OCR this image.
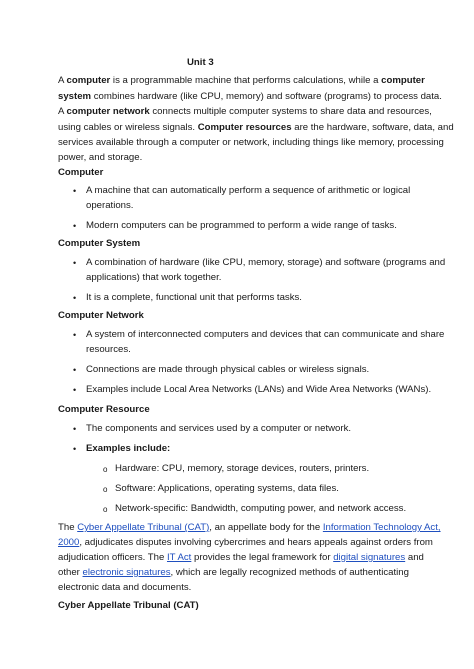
Unit 3
A computer is a programmable machine that performs calculations, while a computer
system combines hardware (like CPU, memory) and software (programs) to process data.
A computer network connects multiple computer systems to share data and resources,
using cables or wireless signals. Computer resources are the hardware, software, data, and
services available through a computer or network, including things like memory, processing
power, and storage.
Computer
• A machine that can automatically perform a sequence of arithmetic or logical
operations.
• Modern computers can be programmed to perform a wide range of tasks.
Computer System
• A combination of hardware (like CPU, memory, storage) and software (programs and
applications) that work together.
• It is a complete, functional unit that performs tasks.
Computer Network
• A system of interconnected computers and devices that can communicate and share
resources.
• Connections are made through physical cables or wireless signals.
• Examples include Local Area Networks (LANs) and Wide Area Networks (WANs).
Computer Resource
• The components and services used by a computer or network.
• Examples include:
o Hardware: CPU, memory, storage devices, routers, printers.
o Software: Applications, operating systems, data files.
o Network-specific: Bandwidth, computing power, and network access.
The Cyber Appellate Tribunal (CAT), an appellate body for the Information Technology Act,
2000, adjudicates disputes involving cybercrimes and hears appeals against orders from
adjudication officers. The IT Act provides the legal framework for digital signatures and
other electronic signatures, which are legally recognized methods of authenticating
electronic data and documents.
Cyber Appellate Tribunal (CAT)
